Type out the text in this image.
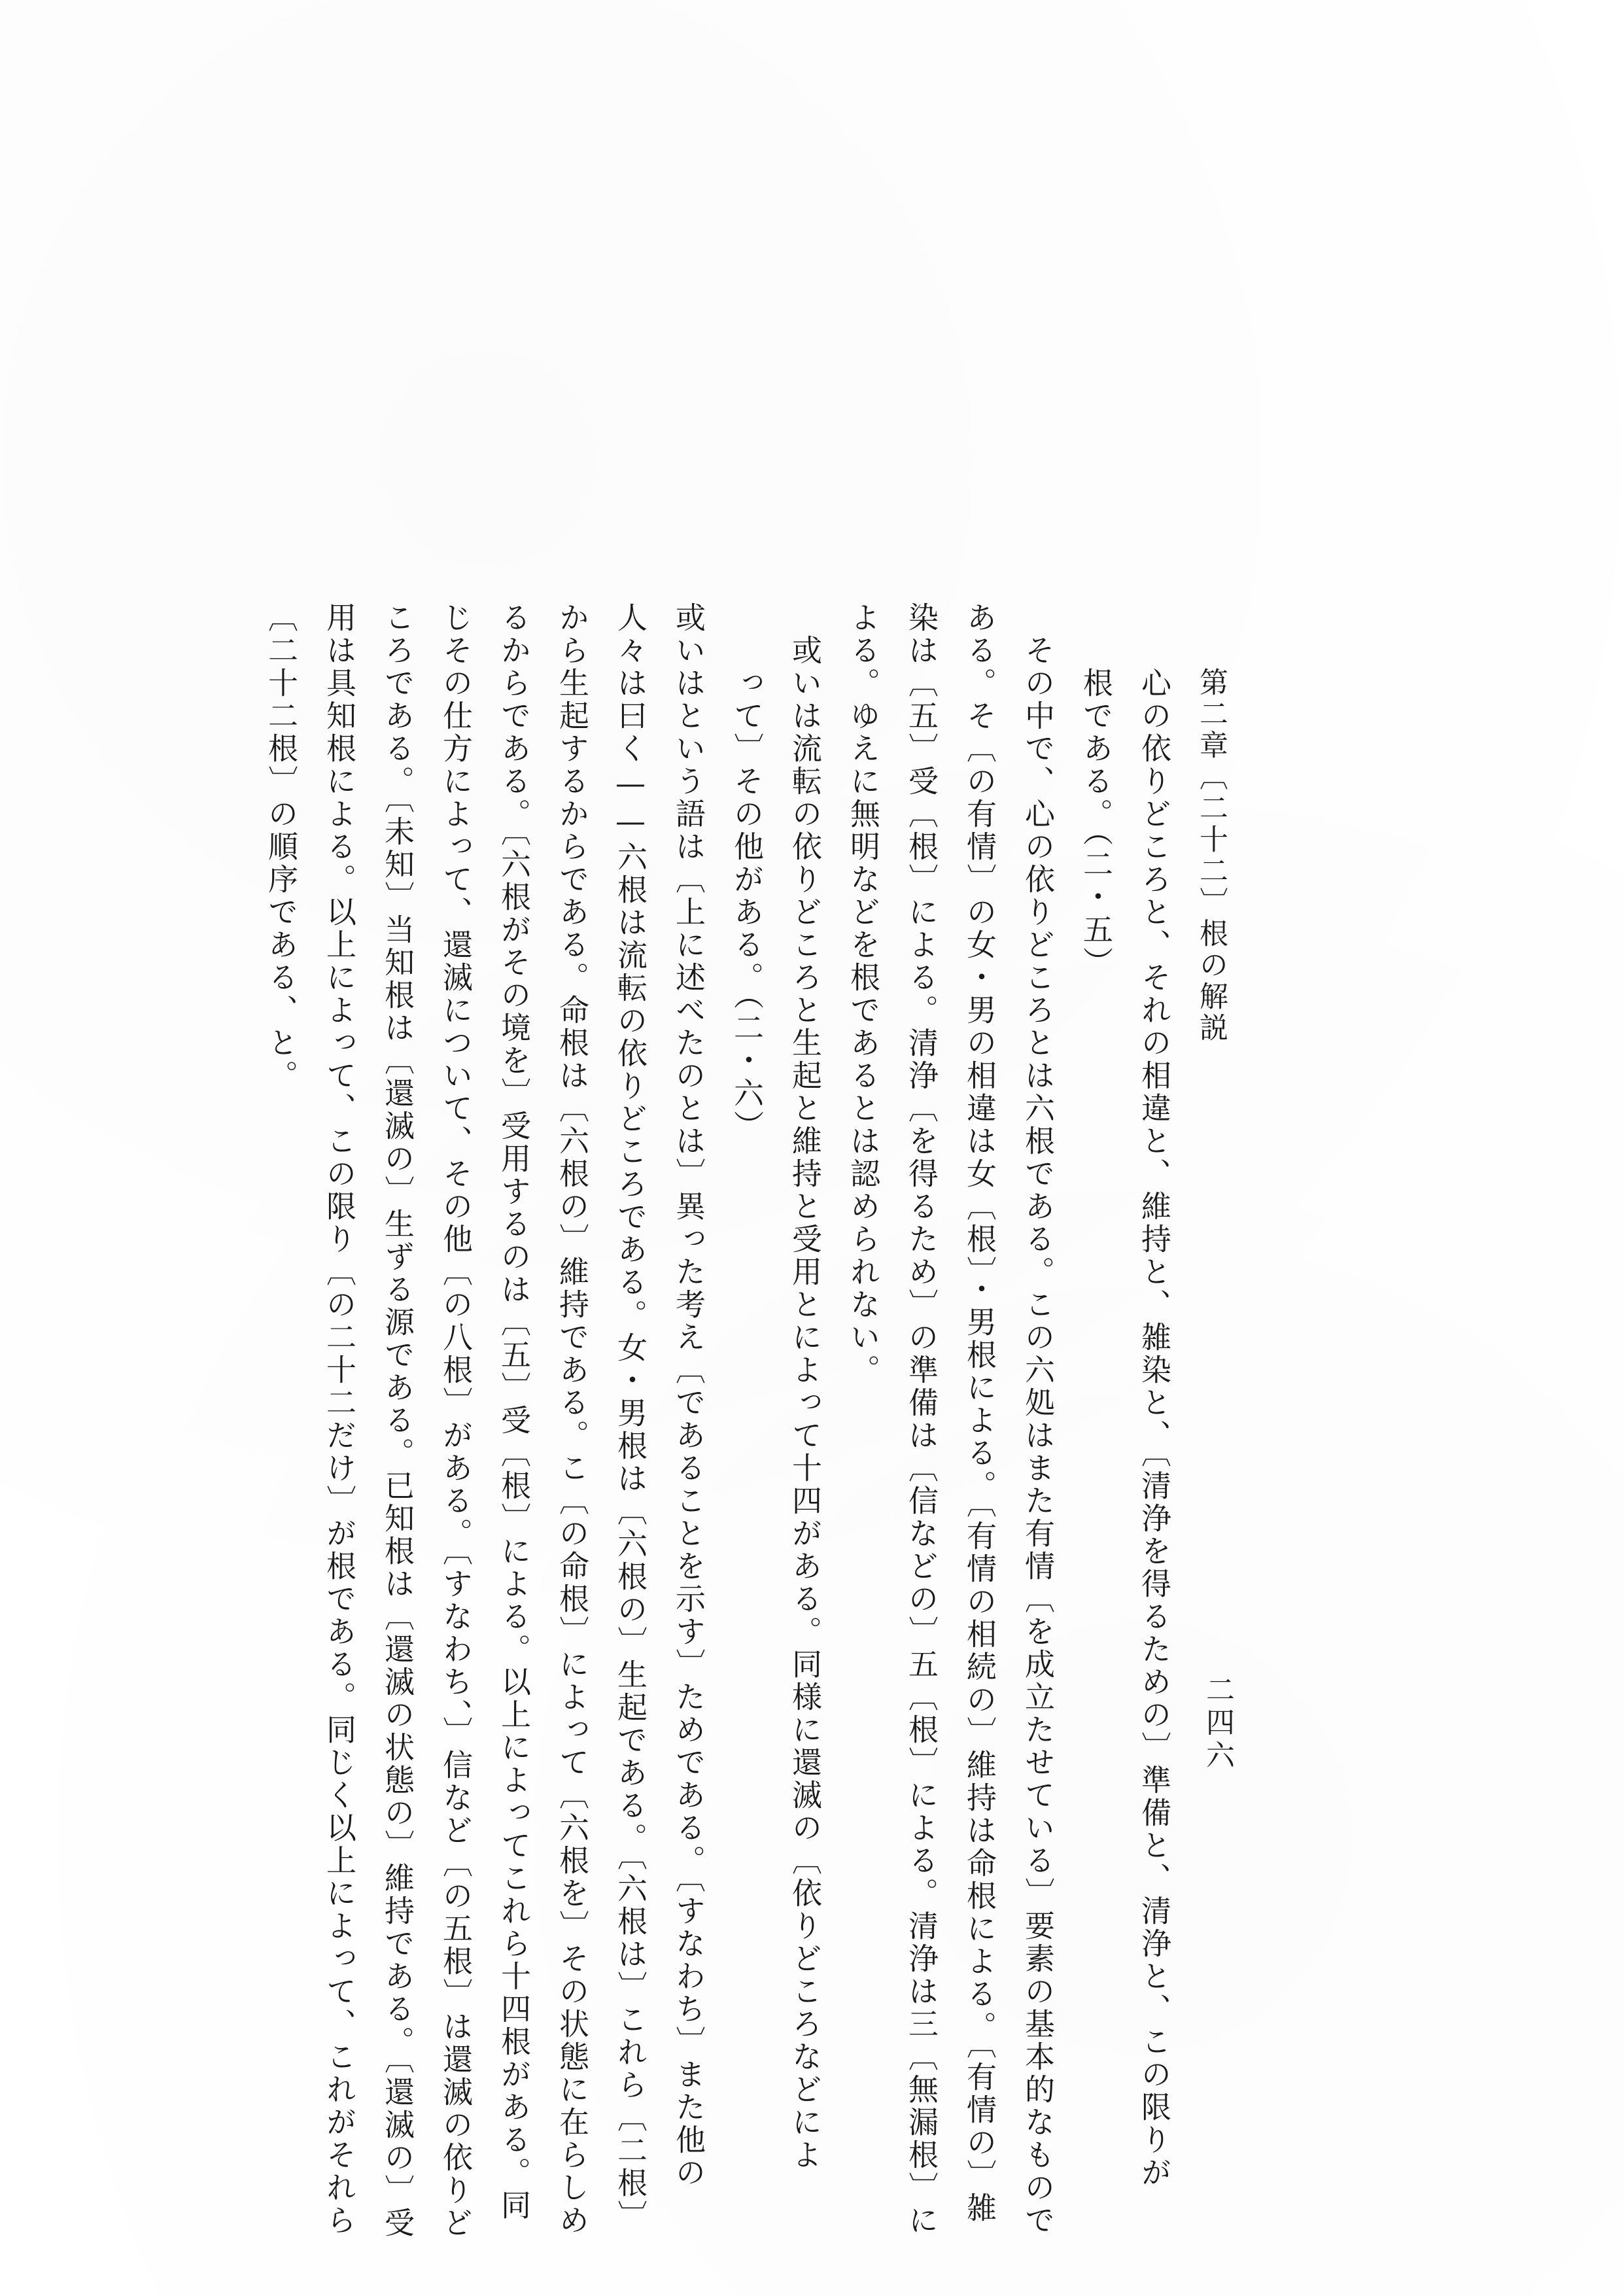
二四六
第二章〔二十二〕根の解説
心の依りどころと、それの相違と、維持と、雑染と、〔清浄を得るための〕準備と、清浄と、この限りが
根である。（二・五）
その中で、心の依りどころとは六根である。この六処はまた有情〔を成立たせている〕要素の基本的なもので
ある。そ〔の有情〕の女・男の相違は女〔根〕・男根による。〔有情の相続の〕維持は命根による。〔有情の〕雑
染は〔五〕受〔根〕による。清浄〔を得るため〕の準備は〔信などの〕五〔根〕による。清浄は三〔無漏根〕に
よる。ゆえに無明などを根であるとは認められない。
或いは流転の依りどころと生起と維持と受用とによって十四がある。同様に還滅の〔依りどころなどによ
って〕その他がある。（二・六）
或いはという語は〔上に述べたのとは〕異った考え〔であることを示す〕ためである。〔すなわち〕また他の
人々は曰く——六根は流転の依りどころである。女・男根は〔六根の〕生起である。〔六根は〕これら〔二根〕
から生起するからである。命根は〔六根の〕維持である。こ〔の命根〕によって〔六根を〕その状態に在らしめ
るからである。〔六根がその境を〕受用するのは〔五〕受〔根〕による。以上によってこれら十四根がある。同
じその仕方によって、還滅について、その他〔の八根〕がある。〔すなわち、〕信など〔の五根〕は還滅の依りど
ころである。〔未知〕当知根は〔還滅の〕生ずる源である。已知根は〔還滅の状態の〕維持である。〔還滅の〕受
用は具知根による。以上によって、この限り〔の二十二だけ〕が根である。同じく以上によって、これがそれら
〔二十二根〕の順序である、と。
